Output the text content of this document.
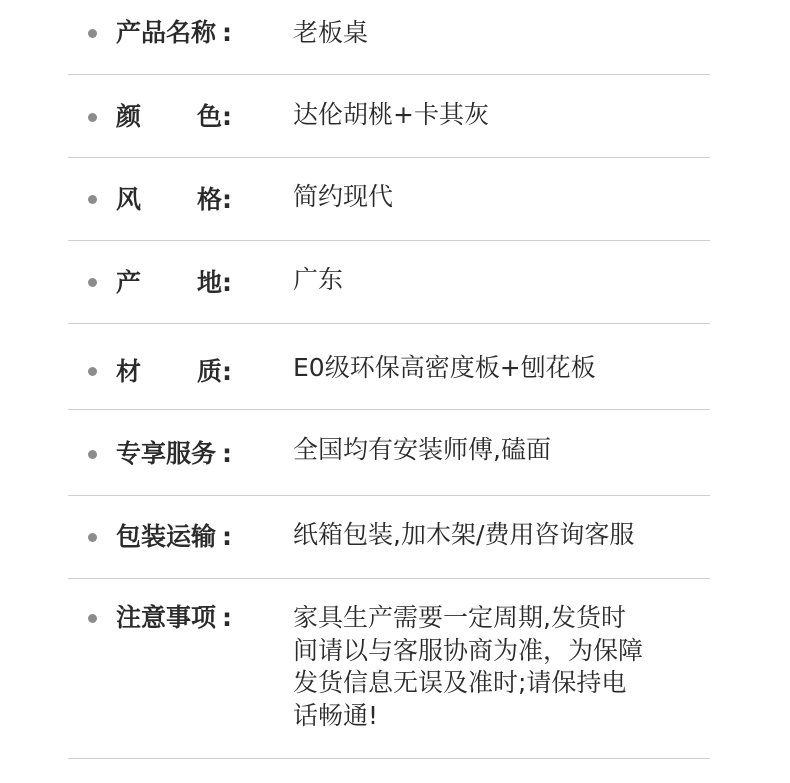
产品名称 : 老板桌
颜 色: 达伦胡桃+卡其灰
风 格: 简约现代
产 地: 广东
材 质: E0级环保高密度板+刨花板
专享服务 : 全国均有安装师傅,磕面
包装运输 : 纸箱包装,加木架/费用咨询客服
注意事项 : 家具生产需要一定周期,发货时间请以与客服协商为准，为保障发货信息无误及准时;请保持电话畅通!
